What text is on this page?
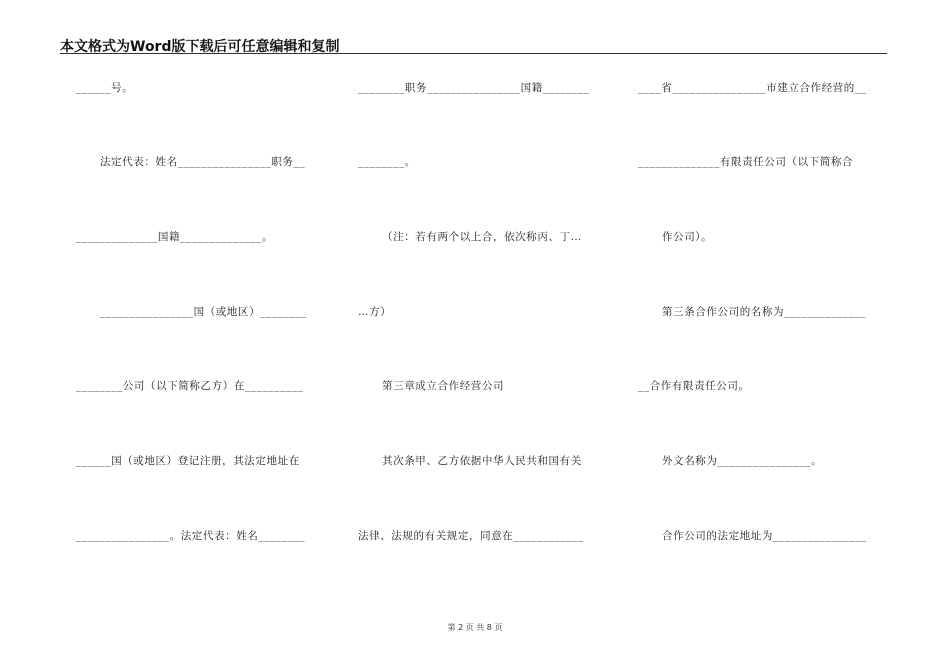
本文格式为Word版下载后可任意编辑和复制
______号。
法定代表：姓名________________职务__
______________国籍______________。
________________国（或地区）________
________公司（以下简称乙方）在__________
______国（或地区）登记注册，其法定地址在
________________。法定代表：姓名________
________职务________________国籍________
________。
（注：若有两个以上合，依次称丙、丁…
…方）
第三章成立合作经营公司
其次条甲、乙方依据中华人民共和国有关
法律、法规的有关规定，同意在____________
____省________________市建立合作经营的__
______________有限责任公司（以下简称合
作公司）。
第三条合作公司的名称为______________
__合作有限责任公司。
外文名称为________________。
合作公司的法定地址为________________
第 2 页 共 8 页
